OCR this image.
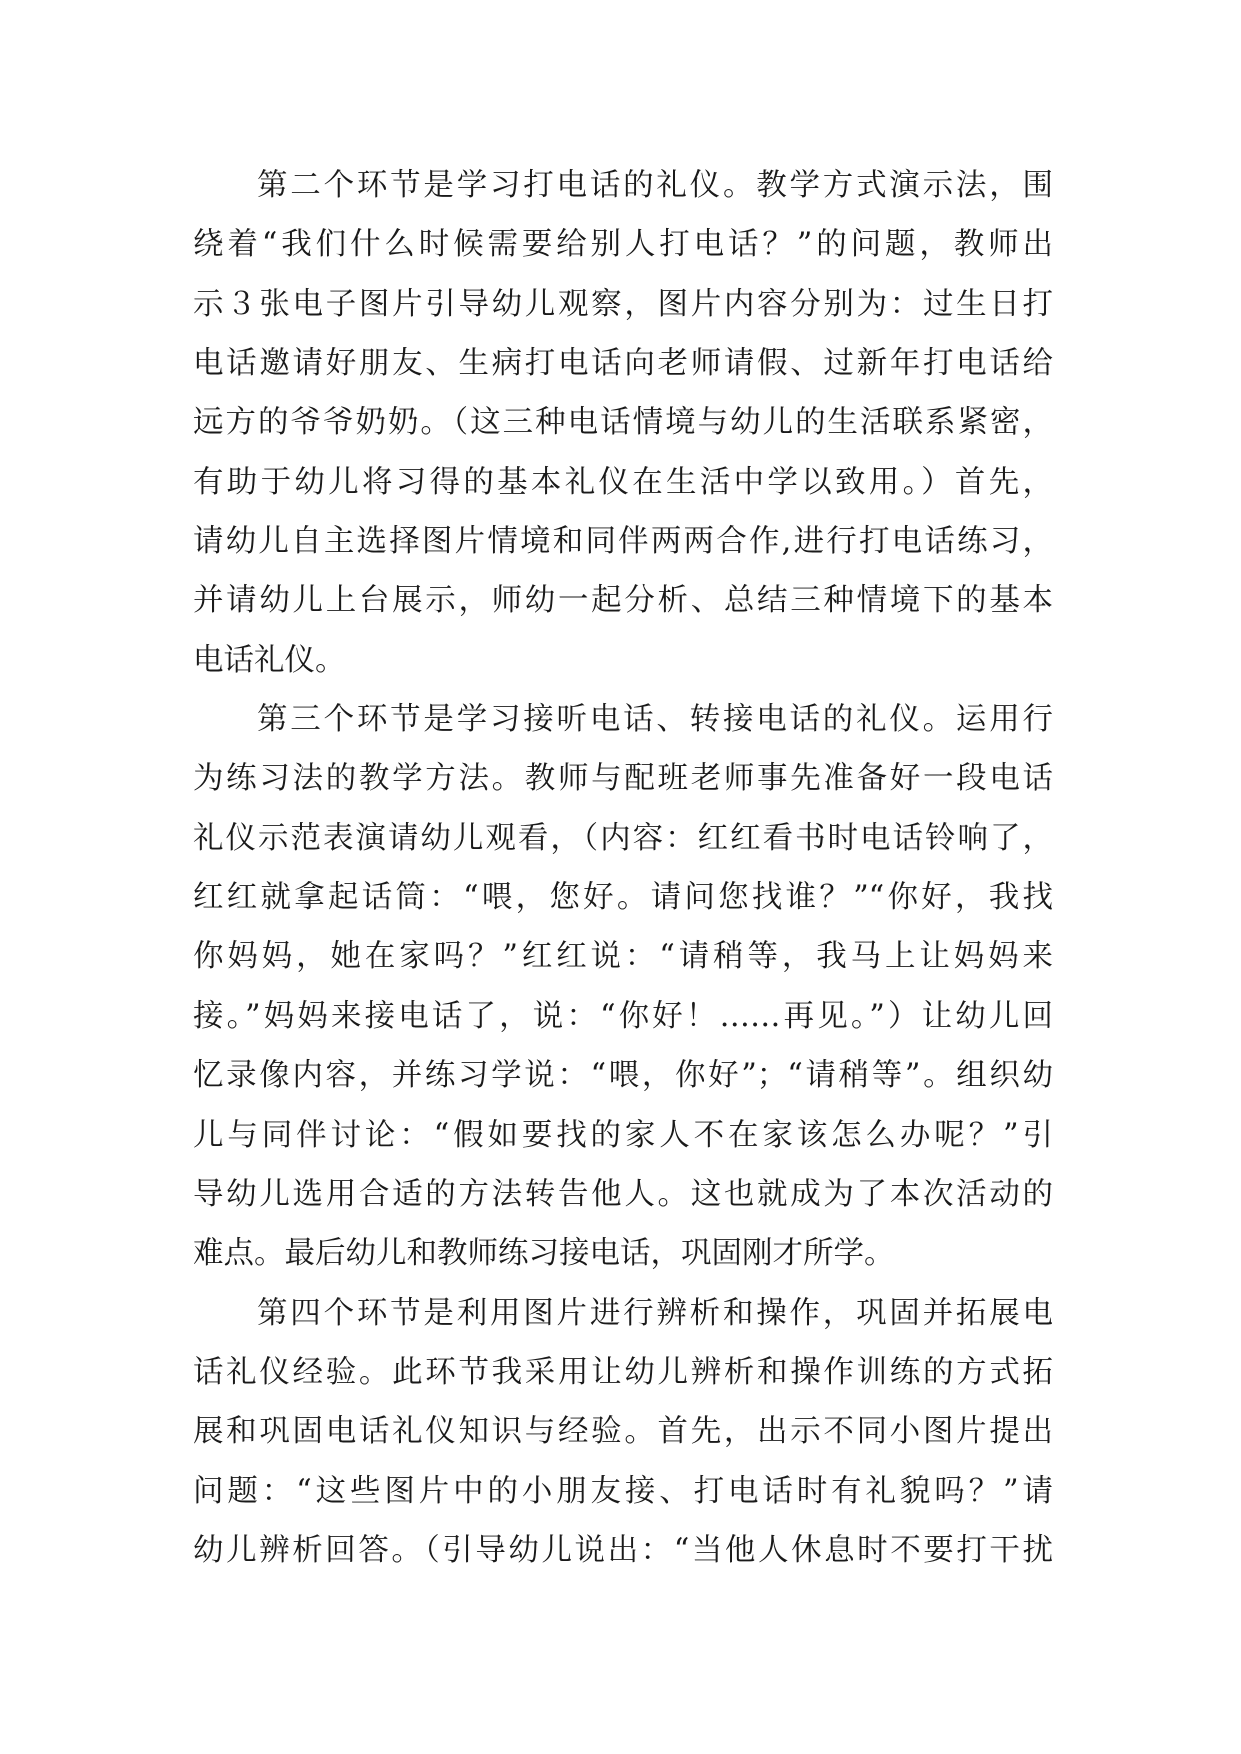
第二个环节是学习打电话的礼仪。教学方式演示法，围
绕着“我们什么时候需要给别人打电话？”的问题，教师出
示３张电子图片引导幼儿观察，图片内容分别为：过生日打
电话邀请好朋友、生病打电话向老师请假、过新年打电话给
远方的爷爷奶奶。（这三种电话情境与幼儿的生活联系紧密，
有助于幼儿将习得的基本礼仪在生活中学以致用。）首先，
请幼儿自主选择图片情境和同伴两两合作,进行打电话练习，
并请幼儿上台展示，师幼一起分析、总结三种情境下的基本
电话礼仪。
第三个环节是学习接听电话、转接电话的礼仪。运用行
为练习法的教学方法。教师与配班老师事先准备好一段电话
礼仪示范表演请幼儿观看，（内容：红红看书时电话铃响了，
红红就拿起话筒：“喂，您好。请问您找谁？”“你好，我找
你妈妈，她在家吗？”红红说：“请稍等，我马上让妈妈来
接。”妈妈来接电话了，说：“你好！……再见。”）让幼儿回
忆录像内容，并练习学说：“喂，你好”；“请稍等”。组织幼
儿与同伴讨论：“假如要找的家人不在家该怎么办呢？”引
导幼儿选用合适的方法转告他人。这也就成为了本次活动的
难点。最后幼儿和教师练习接电话，巩固刚才所学。
第四个环节是利用图片进行辨析和操作，巩固并拓展电
话礼仪经验。此环节我采用让幼儿辨析和操作训练的方式拓
展和巩固电话礼仪知识与经验。首先，出示不同小图片提出
问题：“这些图片中的小朋友接、打电话时有礼貌吗？”请
幼儿辨析回答。（引导幼儿说出：“当他人休息时不要打干扰
